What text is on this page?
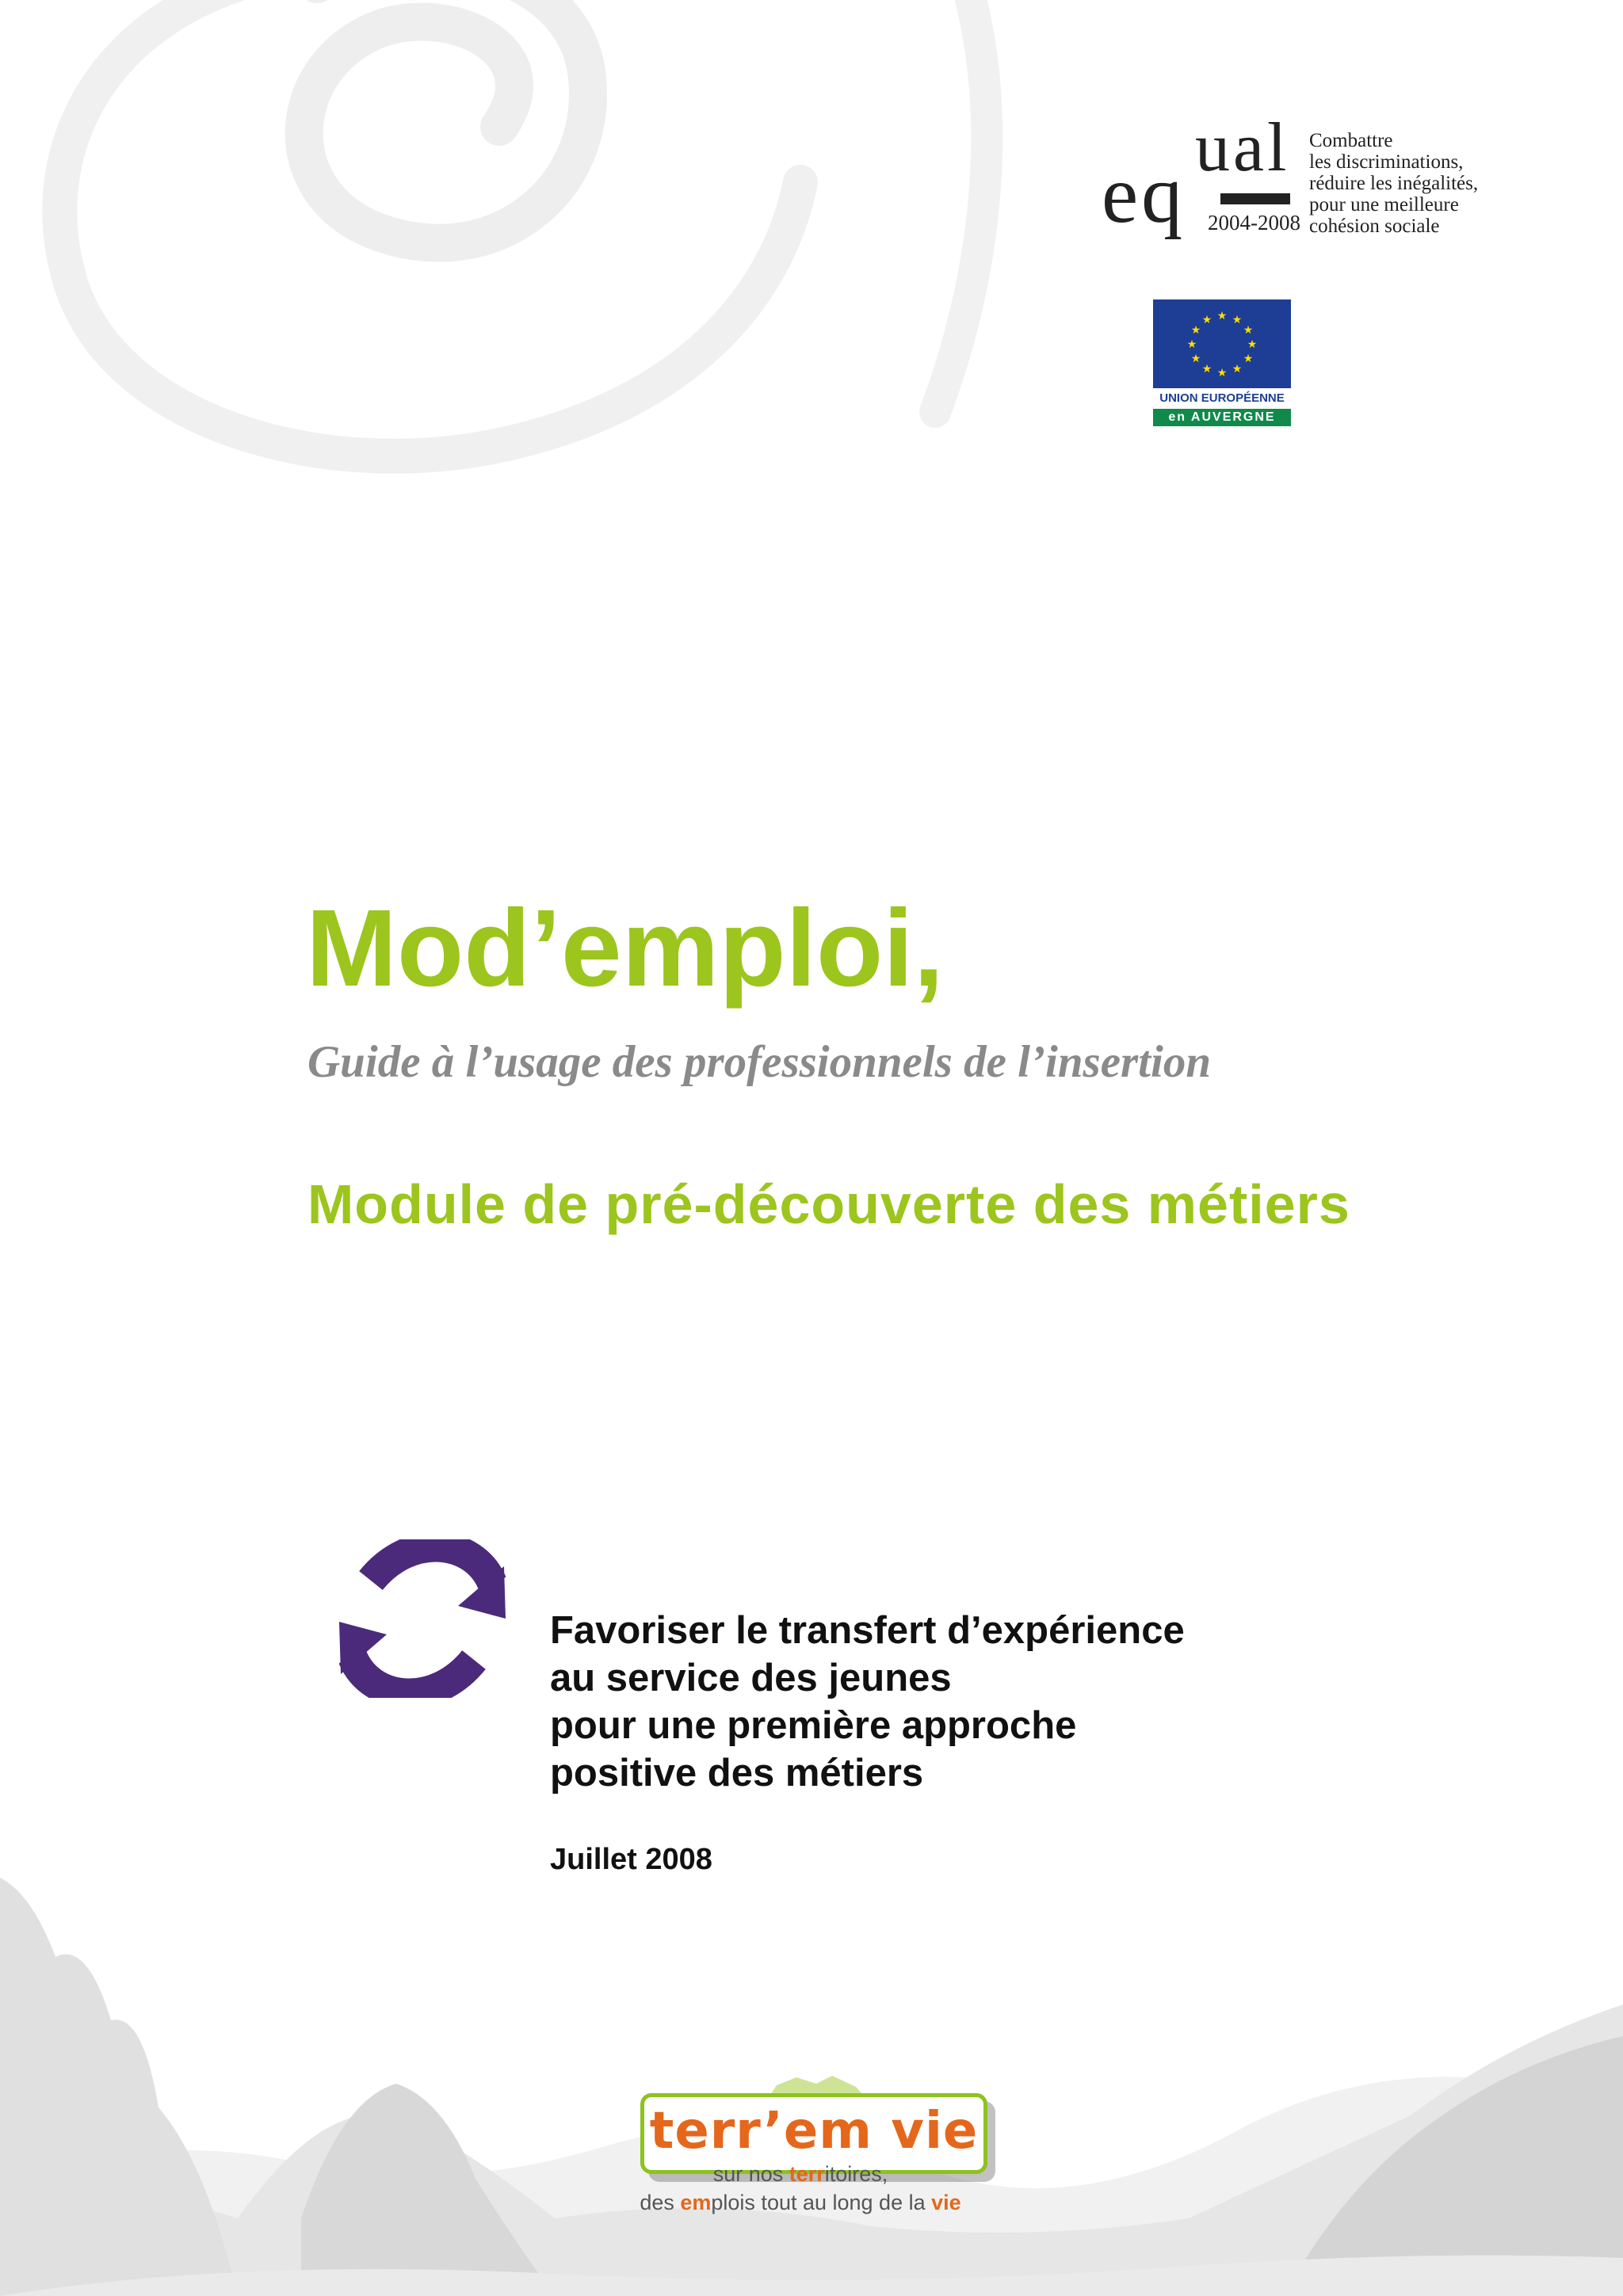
eq
ual
2004-2008
Combattre
les discriminations,
réduire les inégalités,
pour une meilleure
cohésion sociale
★ ★
★
★
★
★
★
★
★
★
★
★
UNION EUROPÉENNE
en AUVERGNE
Mod’emploi,
Guide à l’usage des professionnels de l’insertion
Module de pré-découverte des métiers
Favoriser le transfert d’expérience
au service des jeunes
pour une première approche
positive des métiers
Juillet 2008
terr’em vie
sur nos territoires,
des emplois tout au long de la vie
